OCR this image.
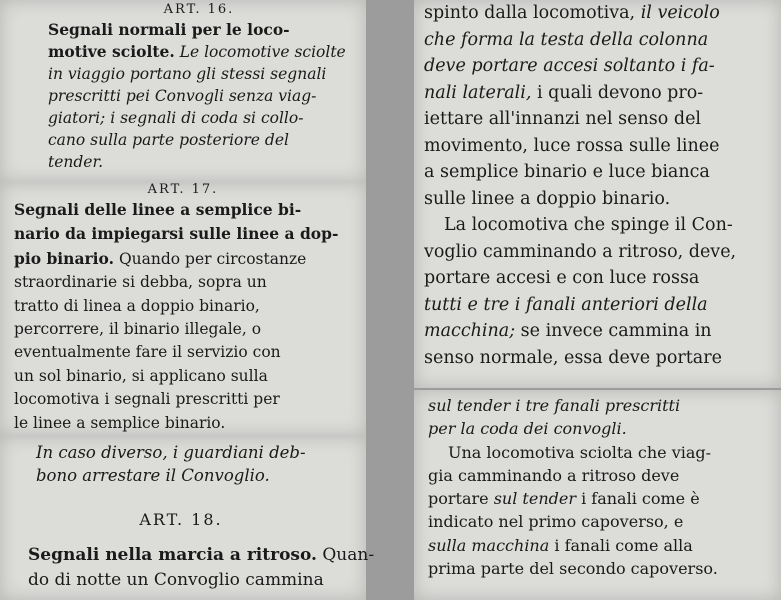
ART. 16.
Segnali normali per le loco-
motive sciolte. Le locomotive sciolte
in viaggio portano gli stessi segnali
prescritti pei Convogli senza viag-
giatori; i segnali di coda si collo-
cano sulla parte posteriore del
tender.
ART. 17.
Segnali delle linee a semplice bi-
nario da impiegarsi sulle linee a dop-
pio binario. Quando per circostanze
straordinarie si debba, sopra un
tratto di linea a doppio binario,
percorrere, il binario illegale, o
eventualmente fare il servizio con
un sol binario, si applicano sulla
locomotiva i segnali prescritti per
le linee a semplice binario.
In caso diverso, i guardiani deb-
bono arrestare il Convoglio.
ART. 18.
Segnali nella marcia a ritroso. Quan-
do di notte un Convoglio cammina
spinto dalla locomotiva, il veicolo
che forma la testa della colonna
deve portare accesi soltanto i fa-
nali laterali, i quali devono pro-
iettare all'innanzi nel senso del
movimento, luce rossa sulle linee
a semplice binario e luce bianca
sulle linee a doppio binario.
La locomotiva che spinge il Con-
voglio camminando a ritroso, deve,
portare accesi e con luce rossa
tutti e tre i fanali anteriori della
macchina; se invece cammina in
senso normale, essa deve portare
sul tender i tre fanali prescritti
per la coda dei convogli.
Una locomotiva sciolta che viag-
gia camminando a ritroso deve
portare sul tender i fanali come è
indicato nel primo capoverso, e
sulla macchina i fanali come alla
prima parte del secondo capoverso.
